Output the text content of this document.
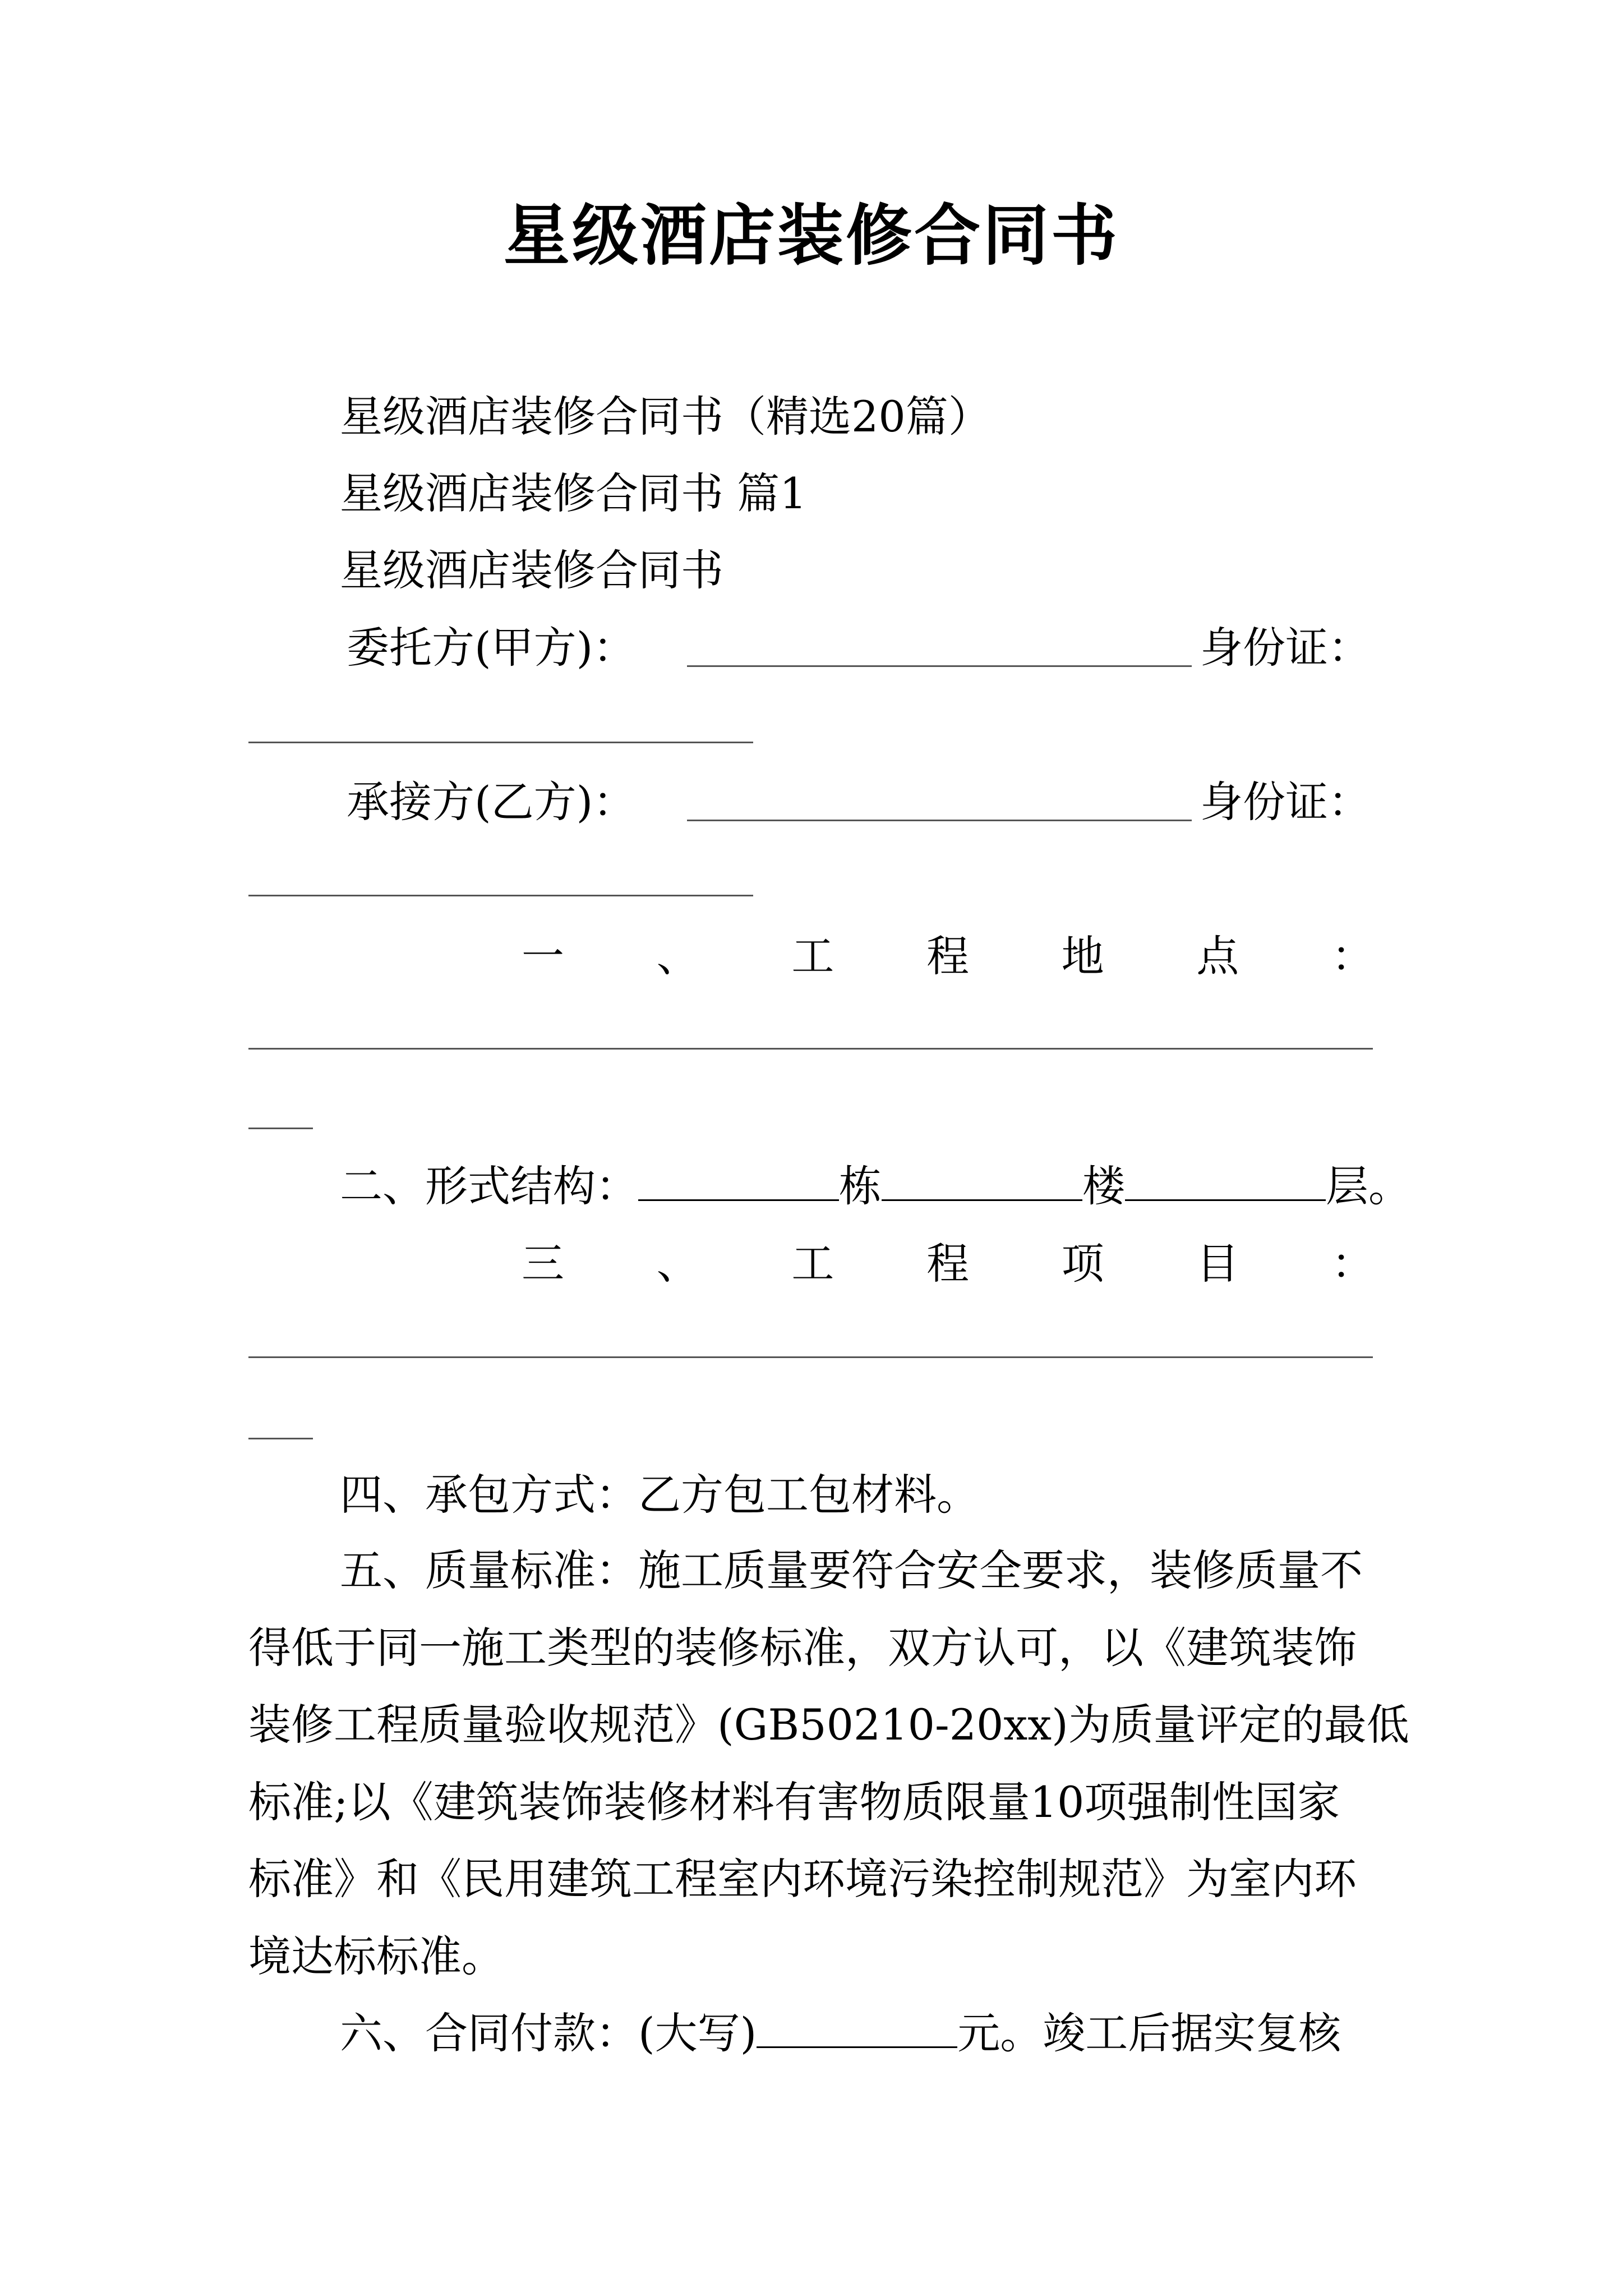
星级酒店装修合同书
星级酒店装修合同书（精选20篇）
星级酒店装修合同书 篇1
星级酒店装修合同书
委托方(甲方)：	身份证：
承接方(乙方)：	身份证：
一 、 工 程 地 点 ：
二、形式结构：	栋	楼	层。
三 、 工 程 项 目 ：
四、承包方式：乙方包工包材料。
五、质量标准：施工质量要符合安全要求，装修质量不
得低于同一施工类型的装修标准，双方认可，以《建筑装饰
装修工程质量验收规范》(GB50210-20xx)为质量评定的最低
标准;以《建筑装饰装修材料有害物质限量10项强制性国家
标准》和《民用建筑工程室内环境污染控制规范》为室内环
境达标标准。
六、合同付款：(大写)	元。竣工后据实复核
